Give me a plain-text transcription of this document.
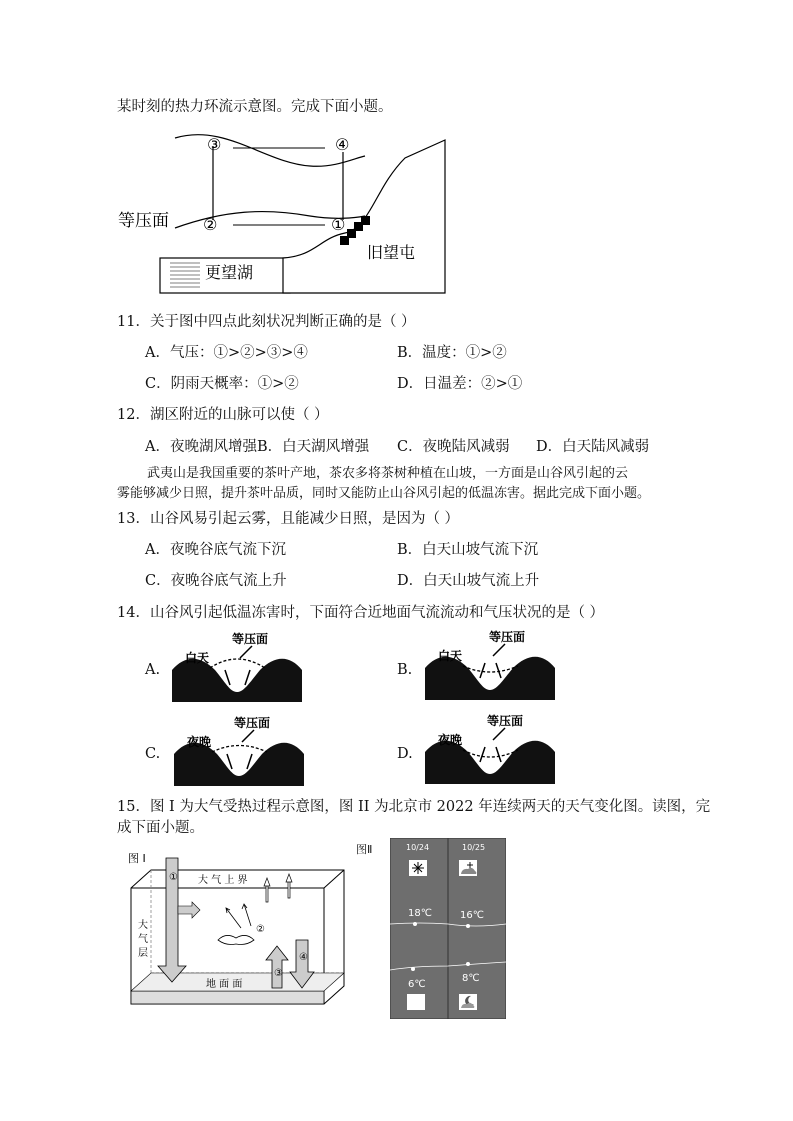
某时刻的热力环流示意图。完成下面小题。
③	④
②	①
等压面
更望湖
旧望屯
11．关于图中四点此刻状况判断正确的是（ ）
A．气压：①>②>③>④	B．温度：①>②
C．阴雨天概率：①>②	D．日温差：②>①
12．湖区附近的山脉可以使（ ）
A．夜晚湖风增强 B．白天湖风增强 C．夜晚陆风减弱 D．白天陆风减弱
武夷山是我国重要的茶叶产地，茶农多将茶树种植在山坡，一方面是山谷风引起的云
雾能够减少日照，提升茶叶品质，同时又能防止山谷风引起的低温冻害。据此完成下面小题。
13．山谷风易引起云雾，且能减少日照，是因为（ ）
A．夜晚谷底气流下沉	B．白天山坡气流下沉
C．夜晚谷底气流上升	D．白天山坡气流上升
14．山谷风引起低温冻害时，下面符合近地面气流流动和气压状况的是（ ）
A.	B.
C.	D.
白天
等压面
白天
等压面
夜晚
等压面
夜晚
等压面
15．图 I 为大气受热过程示意图，图 II 为北京市 2022 年连续两天的天气变化图。读图，完
成下面小题。
图 I
大 气 上 界
大
气
层
地 面 面
①
②
③
④
图Ⅱ	10/24	10/25
18℃	16℃
6℃
8℃
